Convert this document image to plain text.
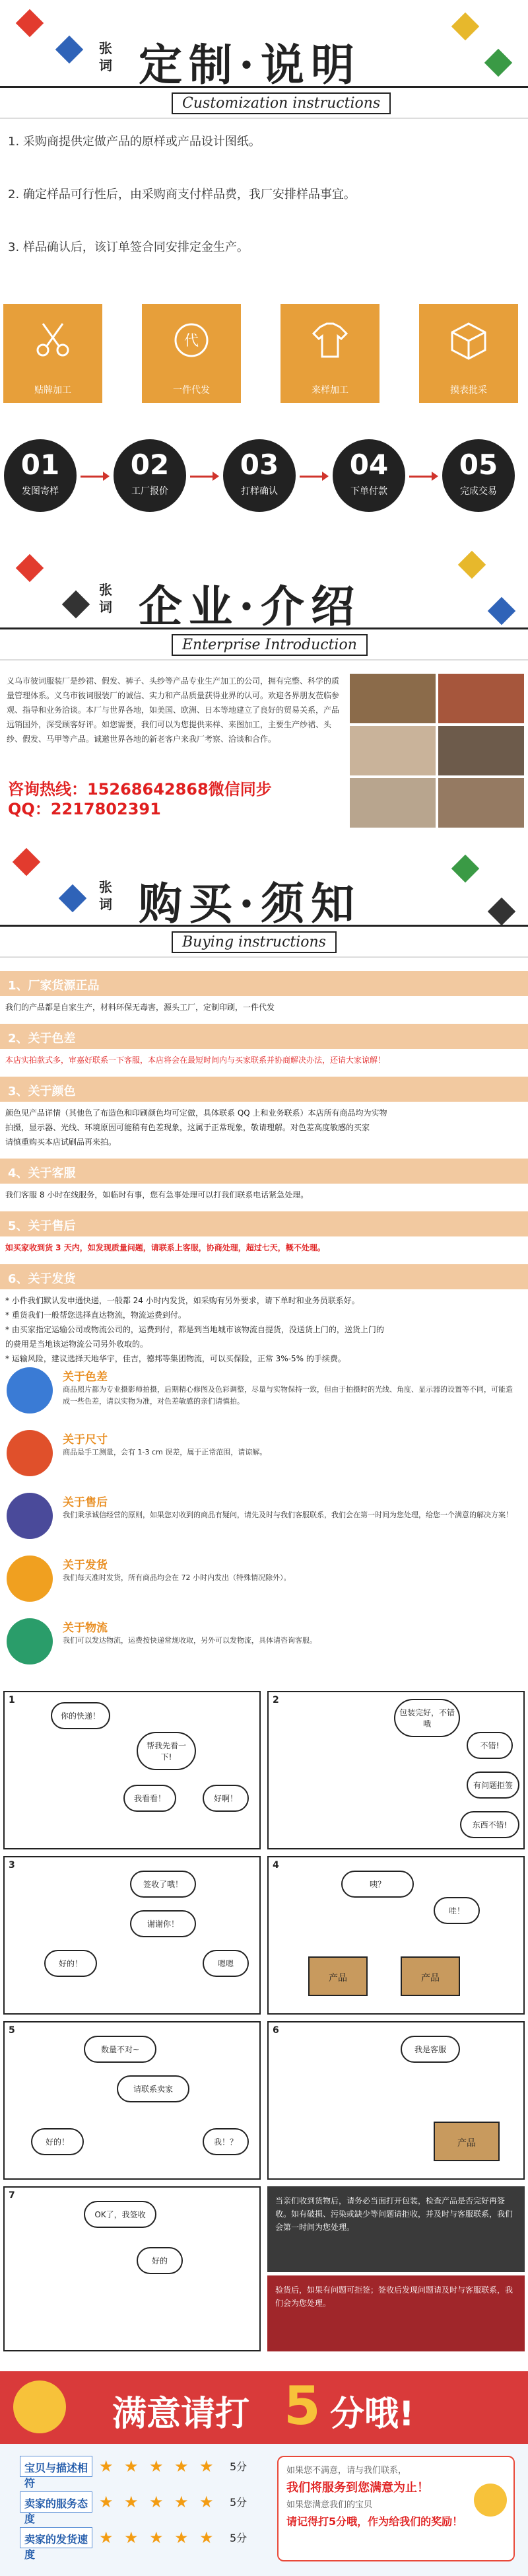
张
词 定制·说明
Customization instructions
1. 采购商提供定做产品的原样或产品设计图纸。
2. 确定样品可行性后，由采购商支付样品费，我厂安排样品事宜。
3. 样品确认后，该订单签合同安排定金生产。
贴牌加工
代
一件代发	来样加工	摸表批采
01
发图寄样
02
工厂报价
03
打样确认
04
下单付款
05
完成交易
张
词 企业·介绍
Enterprise Introduction
义乌市彼词服装厂是纱裙、假发、裤子、头纱等产品专业生产加工的公司，拥有完整、科学的质量管理体系。义乌市彼词服装厂的诚信、实力和产品质量获得业界的认可。欢迎各界朋友莅临参观、指导和业务洽谈。本厂与世界各地，如美国、欧洲、日本等地建立了良好的贸易关系，产品远销国外，深受顾客好评。如您需要，我们可以为您提供来样、来图加工，主要生产纱裙、头纱、假发、马甲等产品。诚邀世界各地的新老客户来我厂考察、洽谈和合作。
咨询热线：15268642868微信同步
QQ：2217802391
张
词 购买·须知
Buying instructions
1、厂家货源正品
我们的产品都是自家生产，材料环保无毒害，源头工厂，定制印刷，一件代发
2、关于色差
本店实拍款式多，审嘉好联系一下客服，本店将会在最短时间内与买家联系并协商解决办法，还请大家谅解！
3、关于颜色
颜色见产品详情（其他色了布造色和印刷颜色均可定做，具体联系 QQ 上和业务联系）本店所有商品均为实物
拍摄，显示器、光线、环境原因可能稍有色差现象，这属于正常现象，敬请理解。对色差高度敏感的买家
请慎重购买本店试刷品再来拍。
4、关于客服
我们客服 8 小时在线服务，如临时有事，您有急事处理可以打我们联系电话紧急处理。
5、关于售后
如买家收到货 3 天内，如发现质量问题，请联系上客服，协商处理，超过七天，概不处理。
6、关于发货
* 小件我们默认发申通快递，一般都 24 小时内发货，如采购有另外要求，请下单时和业务员联系好。
* 重货我们一般帮您选择直达物流，物流运费到付。
* 由买家指定运输公司或物流公司的，运费到付，都是到当地城市该物流自提货，没送货上门的，送货上门的
的费用是当地该运物流公司另外收取的。
* 运输风险，建议选择天地华宇，佳吉，德邦等集团物流，可以买保险，正常 3%-5% 的手续费。
关于色差
商品照片都为专业摄影师拍摄，后期精心修图及色彩调整，尽量与实物保持一致，但由于拍摄时的光线、角度、显示器的设置等不同，可能造成一些色差，请以实物为准，对色差敏感的亲们请慎拍。
关于尺寸
商品是手工测量，会有 1-3 cm 误差，属于正常范围，请谅解。
关于售后
我们秉承诚信经营的原则，如果您对收到的商品有疑问，请先及时与我们客服联系，我们会在第一时间为您处理，给您一个满意的解决方案！
关于发货
我们每天准时发货，所有商品均会在 72 小时内发出（特殊情况除外）。
关于物流
我们可以发达物流，运费按快递常规收取，另外可以发物流，具体请咨询客服。
1
你的快递！
帮我先看一下!
我看看！	好啊！
2
包装完好，不错哦
不错!
有问题拒签
东西不错!
3
签收了哦！
谢谢你！
好的！	嗯嗯
4
咦？
哇！
产品	产品
5
数量不对~
请联系卖家
好的！	我！？
6
我是客服
产品
7
OK了，我签收
好的
当亲们收到货物后，请务必当面打开包装，检查产品是否完好再签收。如有破损、污染或缺少等问题请拒收，并及时与客服联系，我们会第一时间为您处理。
验货后，如果有问题可拒签；签收后发现问题请及时与客服联系，我们会为您处理。
满意请打 5 分哦!
宝贝与描述相符
★ ★ ★ ★ ★ 5分
卖家的服务态度
★ ★ ★ ★ ★ 5分
卖家的发货速度
★ ★ ★ ★ ★ 5分
如果您不满意，请与我们联系，
我们将服务到您满意为止！
如果您满意我们的宝贝
请记得打5分哦，作为给我们的奖励！
